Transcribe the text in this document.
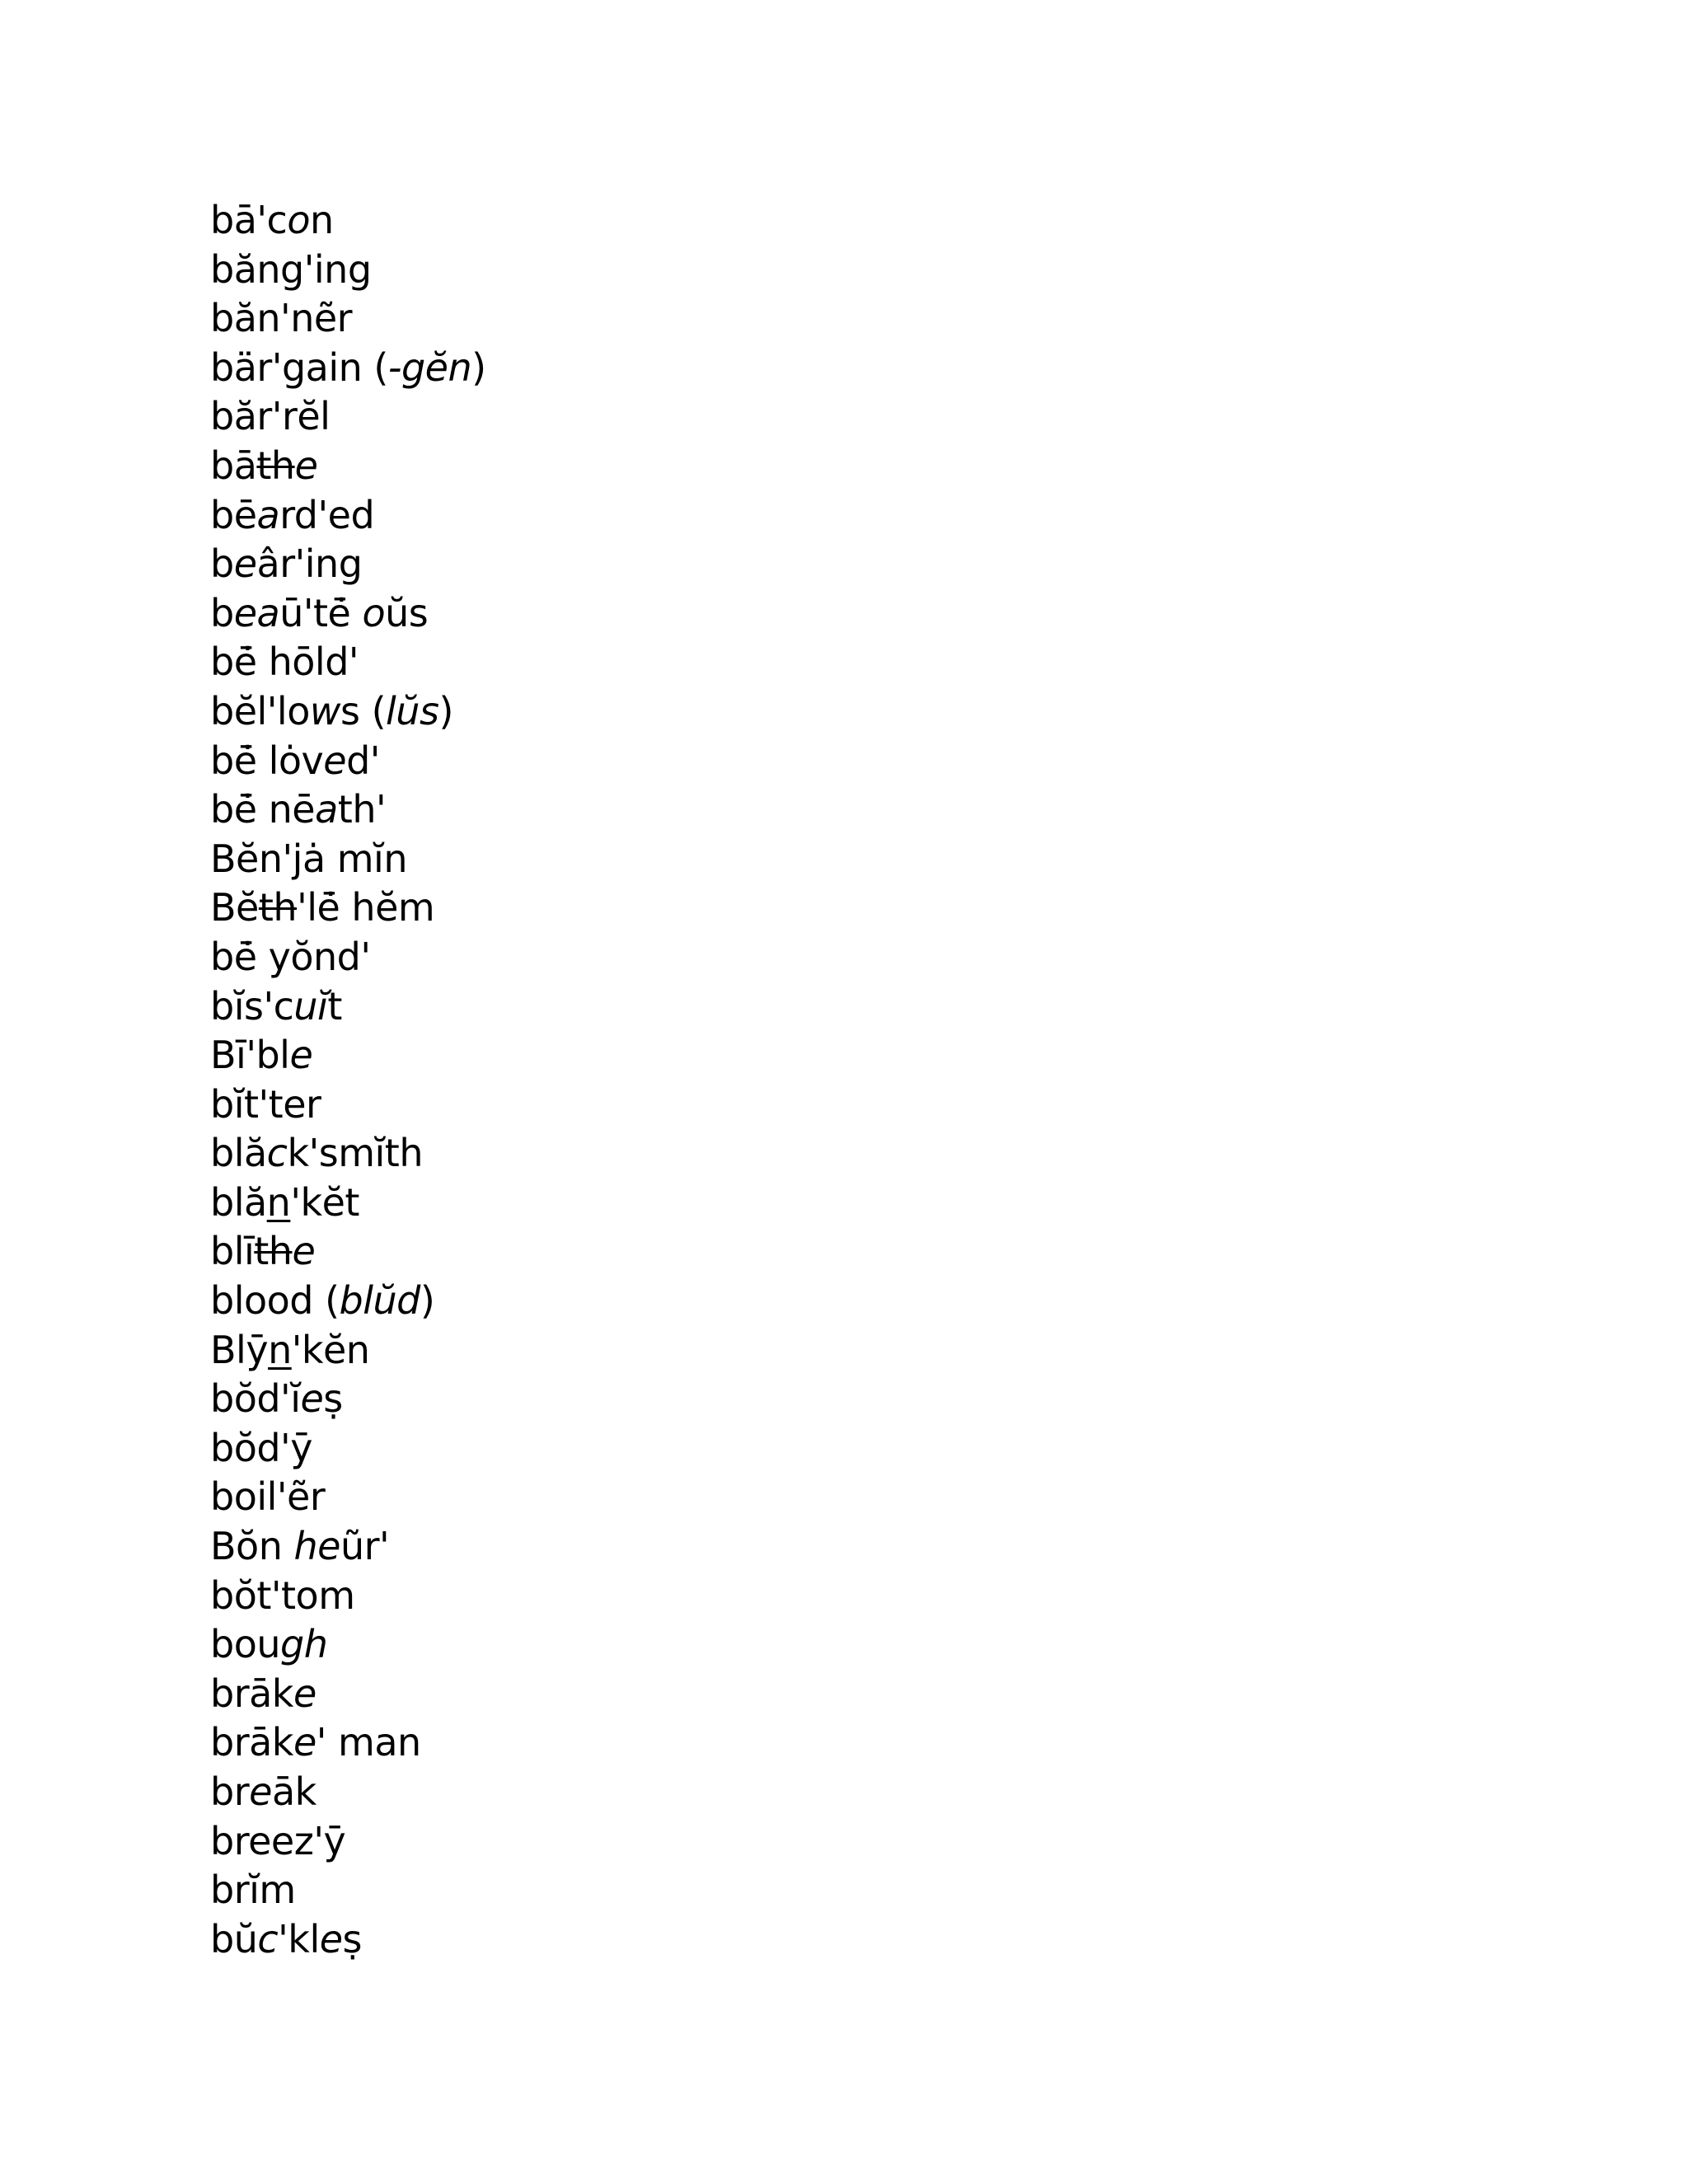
bā'con
băng'ing
băn'nẽr
bär'gain (-gĕn)
băr'rĕl
bāthe
bēard'ed
beâr'ing
beaū'tē̇ oŭs
bē̇ hōld'
bĕl'lows (lŭs)
bē̇ lȯved'
bē̇ nēath'
Bĕn'jȧ mĭn
Bĕth'lē̇ hĕm
bē̇ yŏnd'
bĭs'cuĭt
Bī'ble
bĭt'ter
blăck'smĭth
blăn'kĕt
blīthe
blood (blŭd)
Blȳn'kĕn
bŏd'ĭeṣ
bŏd'ȳ
boil'ẽr
Bŏn heũr'
bŏt'tom
bough
brāke
brāke' man
breāk
breez'ȳ
brĭm
bŭc'kleṣ
